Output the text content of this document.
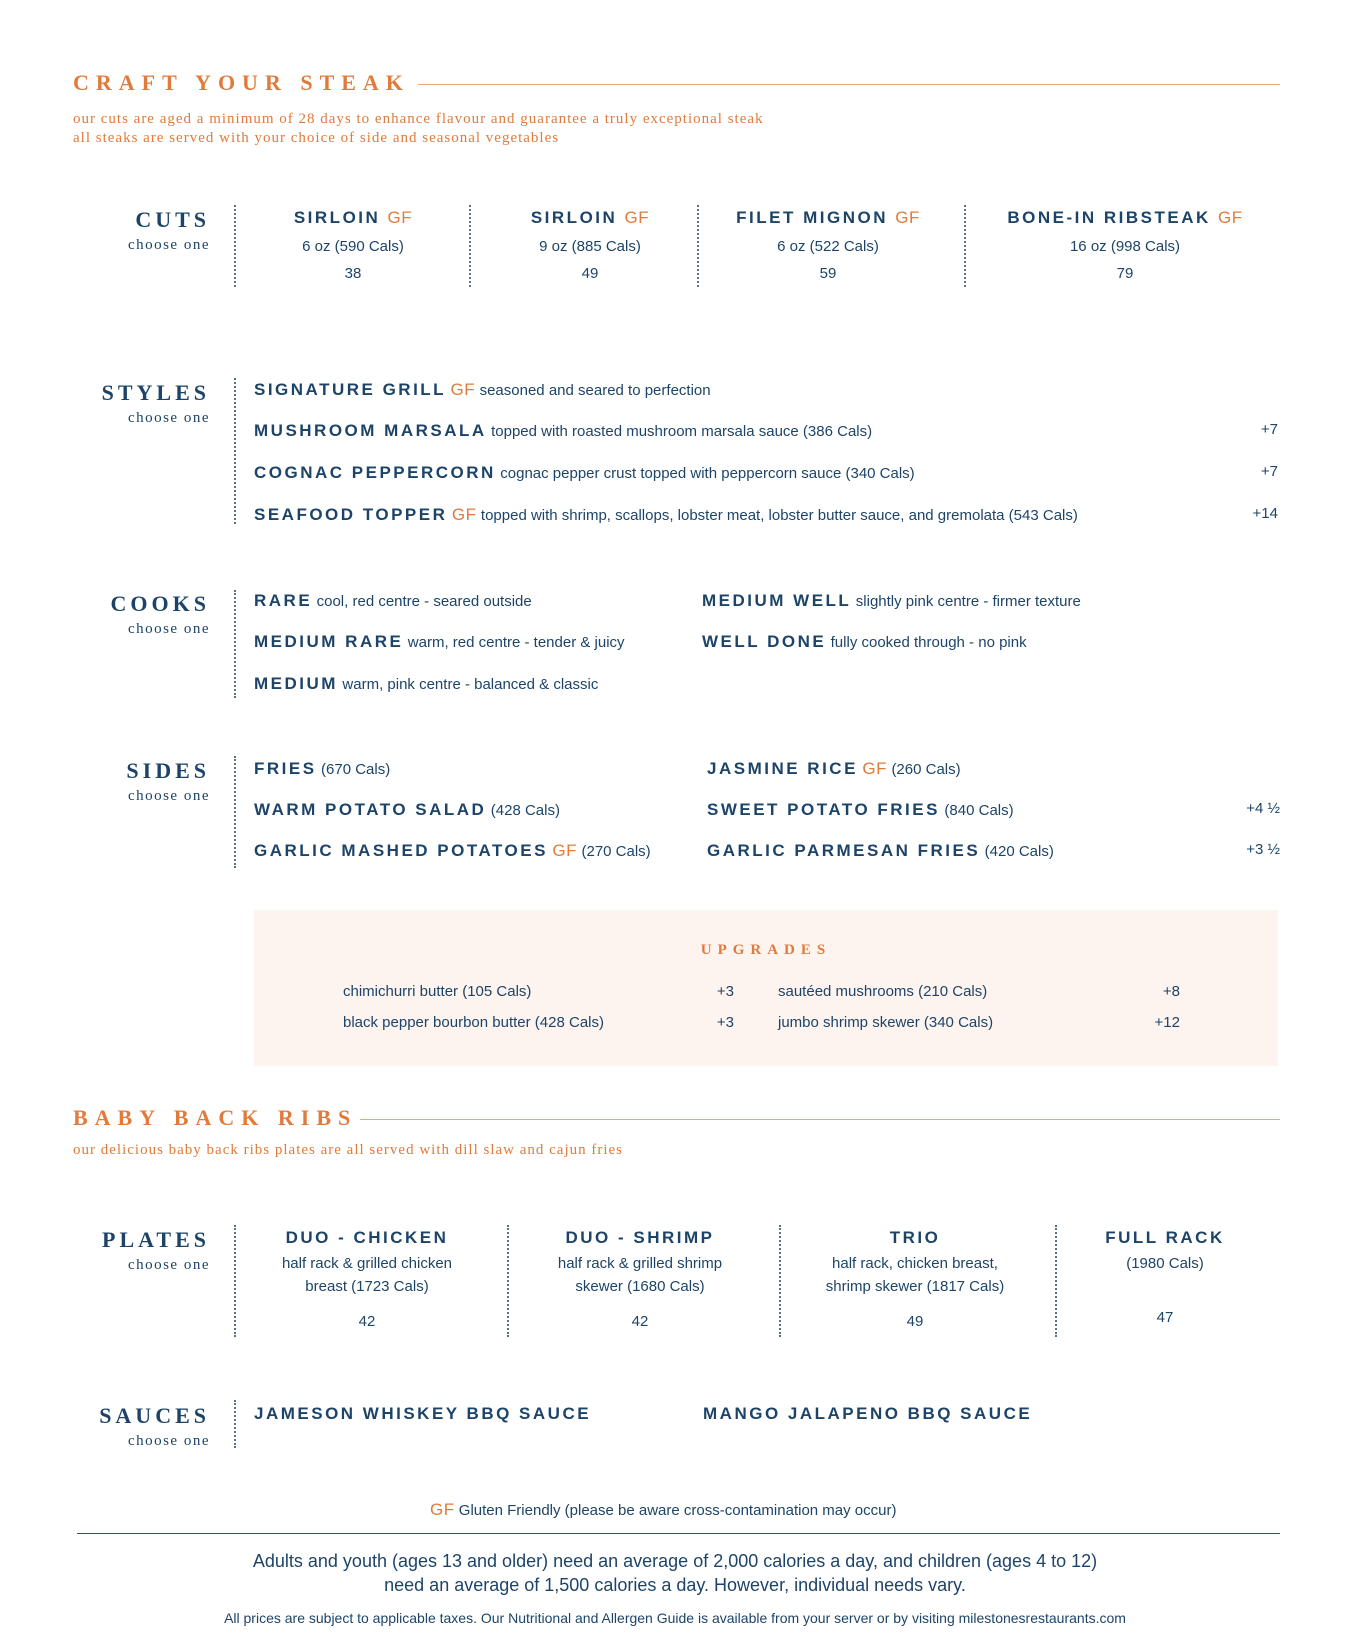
CRAFT YOUR STEAK
our cuts are aged a minimum of 28 days to enhance flavour and guarantee a truly exceptional steak
all steaks are served with your choice of side and seasonal vegetables
CUTS
choose one
SIRLOIN GF
6 oz (590 Cals)
38
SIRLOIN GF
9 oz (885 Cals)
49
FILET MIGNON GF
6 oz (522 Cals)
59
BONE-IN RIBSTEAK GF
16 oz (998 Cals)
79
STYLES
choose one
SIGNATURE GRILL GF seasoned and seared to perfection
MUSHROOM MARSALA topped with roasted mushroom marsala sauce (386 Cals)	+7
COGNAC PEPPERCORN cognac pepper crust topped with peppercorn sauce (340 Cals)	+7
SEAFOOD TOPPER GF topped with shrimp, scallops, lobster meat, lobster butter sauce, and gremolata (543 Cals)	+14
COOKS
choose one
RARE cool, red centre - seared outside
MEDIUM RARE warm, red centre - tender & juicy
MEDIUM warm, pink centre - balanced & classic
MEDIUM WELL slightly pink centre - firmer texture
WELL DONE fully cooked through - no pink
SIDES
choose one
FRIES (670 Cals)
WARM POTATO SALAD (428 Cals)
GARLIC MASHED POTATOES GF (270 Cals)
JASMINE RICE GF (260 Cals)
SWEET POTATO FRIES (840 Cals)	+4 ½
GARLIC PARMESAN FRIES (420 Cals)	+3 ½
UPGRADES
chimichurri butter (105 Cals)	+3
black pepper bourbon butter (428 Cals)	+3
sautéed mushrooms (210 Cals)	+8
jumbo shrimp skewer (340 Cals)	+12
BABY BACK RIBS
our delicious baby back ribs plates are all served with dill slaw and cajun fries
PLATES
choose one
DUO - CHICKEN
half rack & grilled chicken
breast (1723 Cals)
42
DUO - SHRIMP
half rack & grilled shrimp
skewer (1680 Cals)
42
TRIO
half rack, chicken breast,
shrimp skewer (1817 Cals)
49
FULL RACK
(1980 Cals)
47
SAUCES
choose one
JAMESON WHISKEY BBQ SAUCE	MANGO JALAPENO BBQ SAUCE
GF Gluten Friendly (please be aware cross-contamination may occur)
Adults and youth (ages 13 and older) need an average of 2,000 calories a day, and children (ages 4 to 12)
need an average of 1,500 calories a day. However, individual needs vary.
All prices are subject to applicable taxes. Our Nutritional and Allergen Guide is available from your server or by visiting milestonesrestaurants.com
